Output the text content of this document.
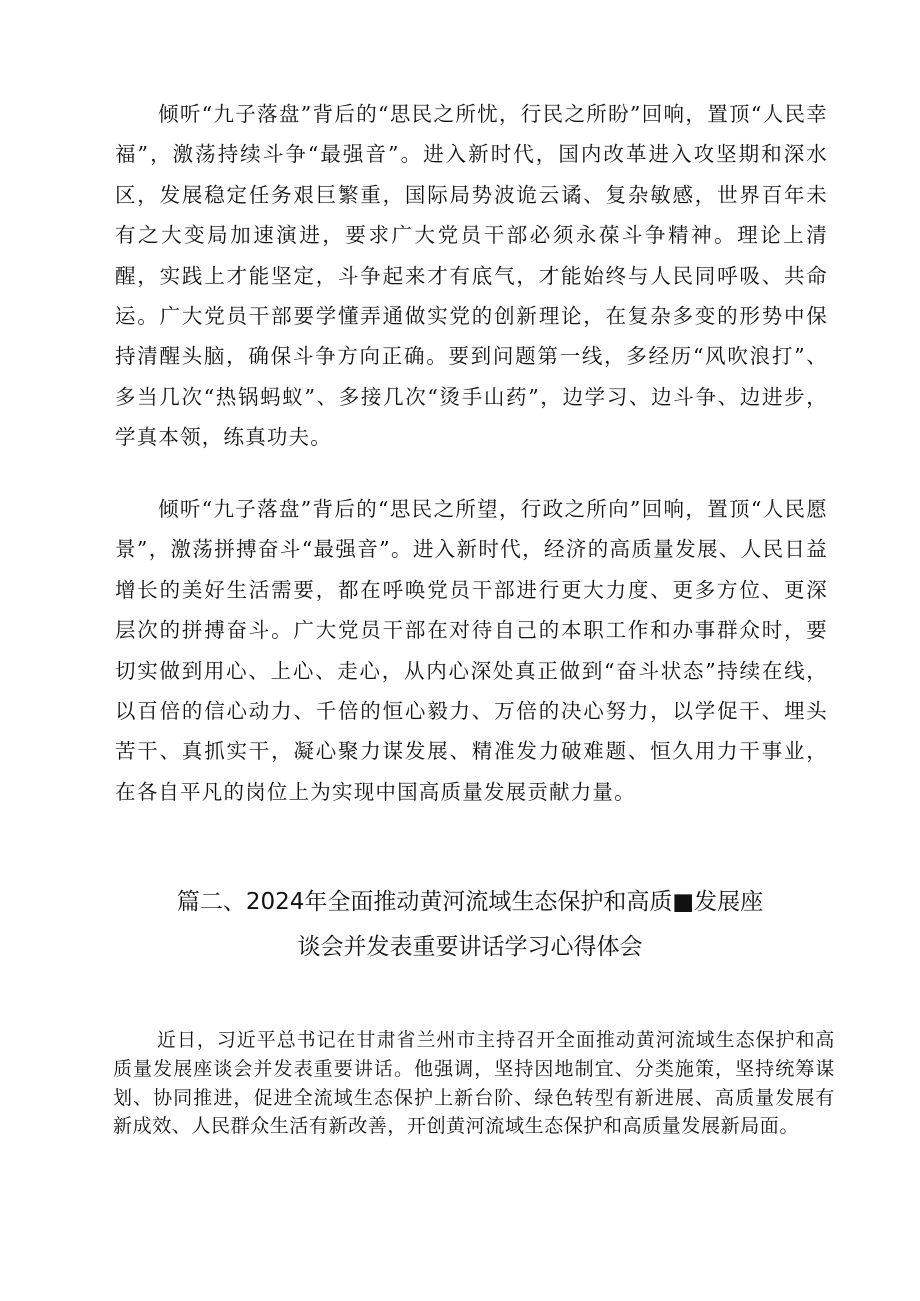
倾听“九子落盘”背后的“思民之所忧，行民之所盼”回响，置顶“人民幸福”，激荡持续斗争“最强音”。进入新时代，国内改革进入攻坚期和深水区，发展稳定任务艰巨繁重，国际局势波诡云谲、复杂敏感，世界百年未有之大变局加速演进，要求广大党员干部必须永葆斗争精神。理论上清醒，实践上才能坚定，斗争起来才有底气，才能始终与人民同呼吸、共命运。广大党员干部要学懂弄通做实党的创新理论，在复杂多变的形势中保持清醒头脑，确保斗争方向正确。要到问题第一线，多经历“风吹浪打”、多当几次“热锅蚂蚁”、多接几次“烫手山药”，边学习、边斗争、边进步，学真本领，练真功夫。

倾听“九子落盘”背后的“思民之所望，行政之所向”回响，置顶“人民愿景”，激荡拼搏奋斗“最强音”。进入新时代，经济的高质量发展、人民日益增长的美好生活需要，都在呼唤党员干部进行更大力度、更多方位、更深层次的拼搏奋斗。广大党员干部在对待自己的本职工作和办事群众时，要切实做到用心、上心、走心，从内心深处真正做到“奋斗状态”持续在线，以百倍的信心动力、千倍的恒心毅力、万倍的决心努力，以学促干、埋头苦干、真抓实干，凝心聚力谋发展、精准发力破难题、恒久用力干事业，在各自平凡的岗位上为实现中国高质量发展贡献力量。

篇二、2024年全面推动黄河流域生态保护和高质■发展座
谈会并发表重要讲话学习心得体会

近日，习近平总书记在甘肃省兰州市主持召开全面推动黄河流域生态保护和高质量发展座谈会并发表重要讲话。他强调，坚持因地制宜、分类施策，坚持统筹谋划、协同推进，促进全流域生态保护上新台阶、绿色转型有新进展、高质量发展有新成效、人民群众生活有新改善，开创黄河流域生态保护和高质量发展新局面。
